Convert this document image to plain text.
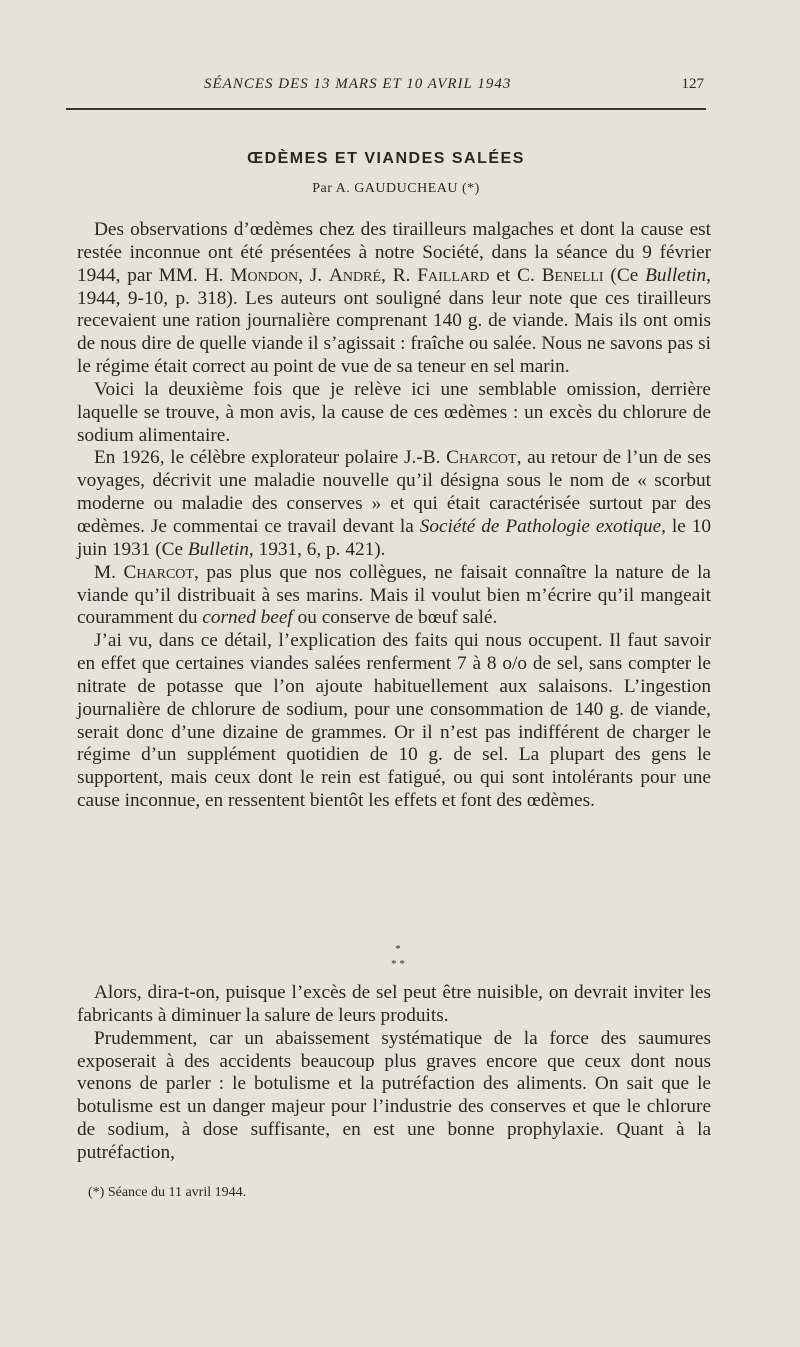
SÉANCES DES 13 MARS ET 10 AVRIL 1943	127
ŒDÈMES ET VIANDES SALÉES
Par A. GAUDUCHEAU (*)

Des observations d’œdèmes chez des tirailleurs malgaches et dont la cause est restée inconnue ont été présentées à notre Société, dans la séance du 9 février 1944, par MM. H. Mondon, J. André, R. Faillard et C. Benelli (Ce Bulletin, 1944, 9-10, p. 318). Les auteurs ont souligné dans leur note que ces tirailleurs recevaient une ration journalière comprenant 140 g. de viande. Mais ils ont omis de nous dire de quelle viande il s’agissait : fraîche ou salée. Nous ne savons pas si le régime était correct au point de vue de sa teneur en sel marin.

Voici la deuxième fois que je relève ici une semblable omission, derrière laquelle se trouve, à mon avis, la cause de ces œdèmes : un excès du chlorure de sodium alimentaire.

En 1926, le célèbre explorateur polaire J.-B. Charcot, au retour de l’un de ses voyages, décrivit une maladie nouvelle qu’il désigna sous le nom de « scorbut moderne ou maladie des conserves » et qui était caractérisée surtout par des œdèmes. Je commentai ce travail devant la Société de Pathologie exotique, le 10 juin 1931 (Ce Bulletin, 1931, 6, p. 421).

M. Charcot, pas plus que nos collègues, ne faisait connaître la nature de la viande qu’il distribuait à ses marins. Mais il voulut bien m’écrire qu’il mangeait couramment du corned beef ou conserve de bœuf salé.

J’ai vu, dans ce détail, l’explication des faits qui nous occupent. Il faut savoir en effet que certaines viandes salées renferment 7 à 8 o/o de sel, sans compter le nitrate de potasse que l’on ajoute habituellement aux salaisons. L’ingestion journalière de chlorure de sodium, pour une consommation de 140 g. de viande, serait donc d’une dizaine de grammes. Or il n’est pas indifférent de charger le régime d’un supplément quotidien de 10 g. de sel. La plupart des gens le supportent, mais ceux dont le rein est fatigué, ou qui sont intolérants pour une cause inconnue, en ressentent bientôt les effets et font des œdèmes.

*
* *

Alors, dira-t-on, puisque l’excès de sel peut être nuisible, on devrait inviter les fabricants à diminuer la salure de leurs produits.

Prudemment, car un abaissement systématique de la force des saumures exposerait à des accidents beaucoup plus graves encore que ceux dont nous venons de parler : le botulisme et la putréfaction des aliments. On sait que le botulisme est un danger majeur pour l’industrie des conserves et que le chlorure de sodium, à dose suffisante, en est une bonne prophylaxie. Quant à la putréfaction,

(*) Séance du 11 avril 1944.
